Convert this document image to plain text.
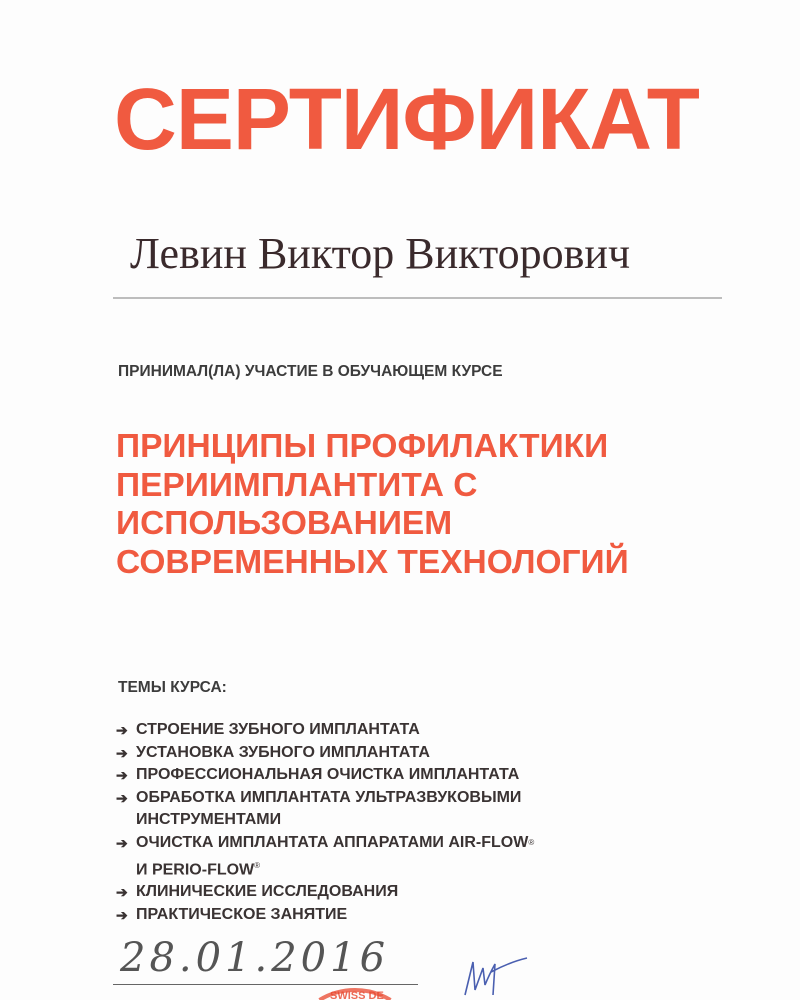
СЕРТИФИКАТ
Левин Виктор Викторович
ПРИНИМАЛ(ЛА) УЧАСТИЕ В ОБУЧАЮЩЕМ КУРСЕ
ПРИНЦИПЫ ПРОФИЛАКТИКИ
ПЕРИИМПЛАНТИТА С
ИСПОЛЬЗОВАНИЕМ
СОВРЕМЕННЫХ ТЕХНОЛОГИЙ
ТЕМЫ КУРСА:
➔ СТРОЕНИЕ ЗУБНОГО ИМПЛАНТАТА
➔ УСТАНОВКА ЗУБНОГО ИМПЛАНТАТА
➔ ПРОФЕССИОНАЛЬНАЯ ОЧИСТКА ИМПЛАНТАТА
➔ ОБРАБОТКА ИМПЛАНТАТА УЛЬТРАЗВУКОВЫМИ
ИНСТРУМЕНТАМИ
➔ ОЧИСТКА ИМПЛАНТАТА АППАРАТАМИ AIR-FLOW ®
И PERIO-FLOW®
➔ КЛИНИЧЕСКИЕ ИССЛЕДОВАНИЯ
➔ ПРАКТИЧЕСКОЕ ЗАНЯТИЕ
28.01.2016
SWISS DE
